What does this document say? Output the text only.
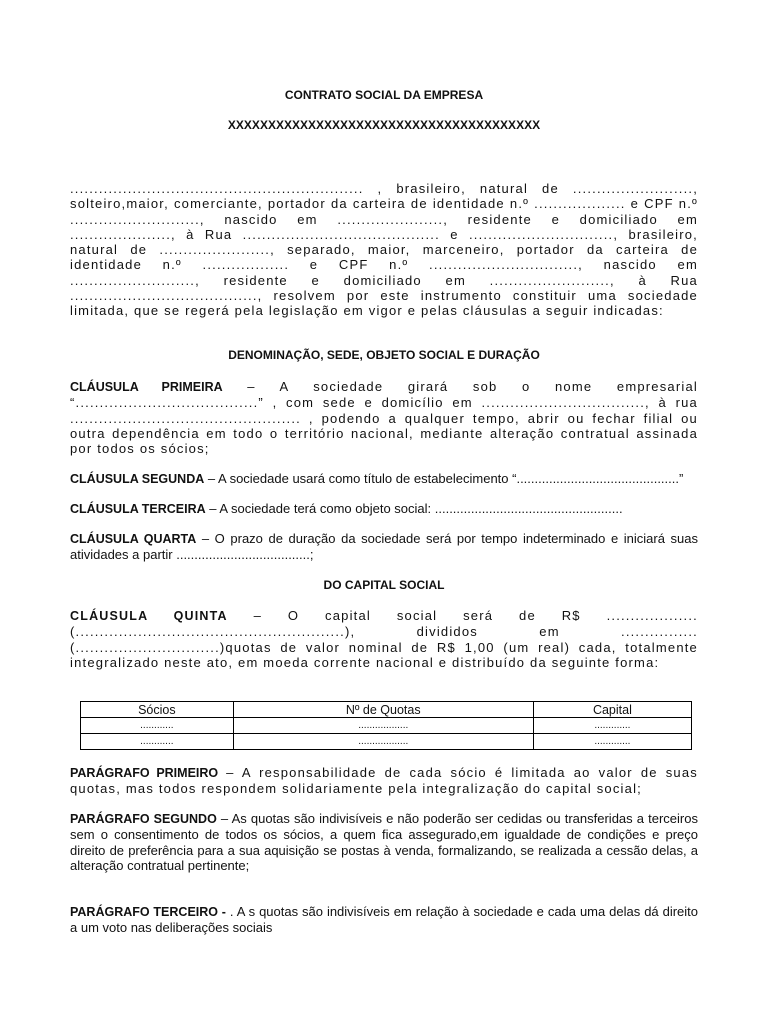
CONTRATO SOCIAL DA EMPRESA
XXXXXXXXXXXXXXXXXXXXXXXXXXXXXXXXXXXXXXX

............................................................. , brasileiro, natural de ........................., solteiro,maior, comerciante, portador da carteira de identidade n.º ................... e CPF n.º ..........................., nascido em ......................, residente e domiciliado em ....................., à Rua ......................................... e .............................., brasileiro, natural de ......................., separado, maior, marceneiro, portador da carteira de identidade n.º .................. e CPF n.º ..............................., nascido em .........................., residente e domiciliado em ........................., à Rua ......................................., resolvem por este instrumento constituir uma sociedade limitada, que se regerá pela legislação em vigor e pelas cláusulas a seguir indicadas:

DENOMINAÇÃO, SEDE, OBJETO SOCIAL E DURAÇÃO

CLÁUSULA PRIMEIRA – A sociedade girará sob o nome empresarial “......................................” , com sede e domicílio em .................................., à rua ................................................ , podendo a qualquer tempo, abrir ou fechar filial ou outra dependência em todo o território nacional, mediante alteração contratual assinada por todos os sócios;

CLÁUSULA SEGUNDA – A sociedade usará como título de estabelecimento “.............................................”

CLÁUSULA TERCEIRA – A sociedade terá como objeto social: ....................................................

CLÁUSULA QUARTA – O prazo de duração da sociedade será por tempo indeterminado e iniciará suas atividades a partir .....................................;

DO CAPITAL SOCIAL

CLÁUSULA QUINTA – O capital social será de R$ ................... (........................................................), divididos em ................ (..............................)quotas de valor nominal de R$ 1,00 (um real) cada, totalmente integralizado neste ato, em moeda corrente nacional e distribuído da seguinte forma:

Sócios	Nº de Quotas	Capital
............	..................	.............
............	..................	.............

PARÁGRAFO PRIMEIRO – A responsabilidade de cada sócio é limitada ao valor de suas quotas, mas todos respondem solidariamente pela integralização do capital social;

PARÁGRAFO SEGUNDO – As quotas são indivisíveis e não poderão ser cedidas ou transferidas a terceiros sem o consentimento de todos os sócios, a quem fica assegurado,em igualdade de condições e preço direito de preferência para a sua aquisição se postas à venda, formalizando, se realizada a cessão delas, a alteração contratual pertinente;

PARÁGRAFO TERCEIRO - . A s quotas são indivisíveis em relação à sociedade e cada uma delas dá direito a um voto nas deliberações sociais
